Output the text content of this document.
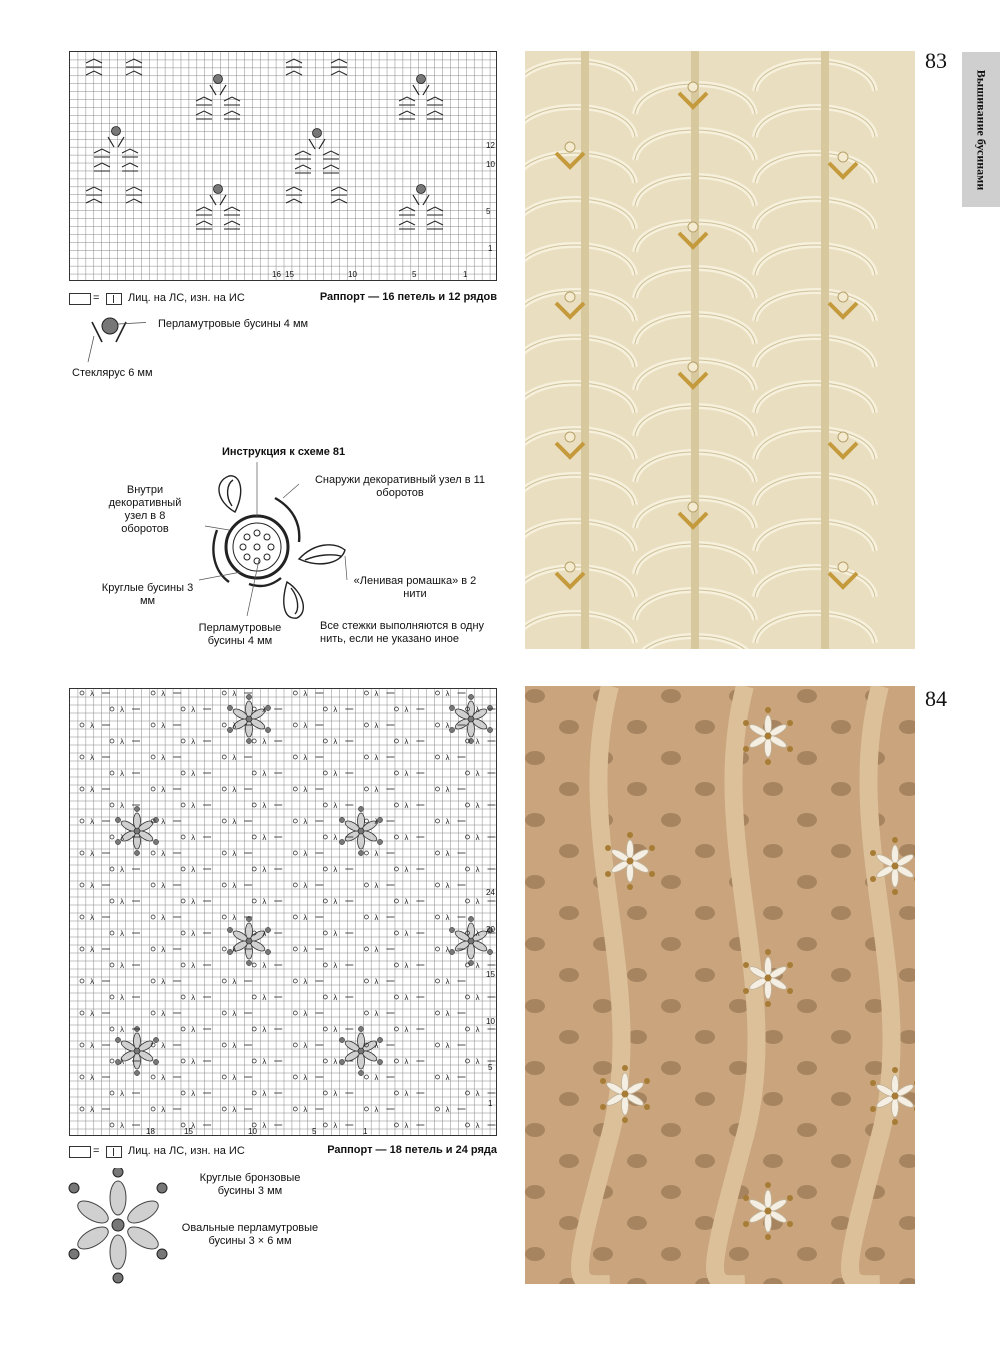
Вышивание бусинами
83
84
12
10
5
1
16 15	10	5	1
=	Лиц. на ЛС, изн. на ИС	Раппорт — 16 петель и 12 рядов
Перламутровые бусины 4 мм
Стеклярус 6 мм
Инструкция к схеме 81
Внутри декоративный узел в 8 оборотов
Снаружи декоративный узел в 11 оборотов
Круглые бусины 3 мм
«Ленивая ромашка» в 2 нити
Перламутровые бусины 4 мм
Все стежки выполняются в одну нить, если не указано иное
λ	λ	λ	λ	λ	λ
λ	λ	λ	λ	λ	λ
λ	λ	λ	λ	λ	λ
λ	λ	λ	λ	λ	λ
λ	λ	λ	λ	λ	λ
λ	λ	λ	λ	λ	λ
λ	λ	λ	λ	λ	λ
λ	λ	λ	λ	λ	λ
λ	λ	λ	λ	λ	λ
λ	λ	λ	λ	λ	λ
λ	λ	λ	λ	λ	λ
λ	λ	λ	λ	λ	λ
λ	λ	λ	λ	λ	λ
λ	λ	λ	λ	λ	λ
λ	λ	λ	λ	λ	λ
λ	λ	λ	λ	λ	λ
λ	λ	λ	λ	λ	λ
λ	λ	λ	λ	λ	λ
λ	λ	λ	λ	λ	λ
λ	λ	λ	λ	λ	λ
λ	λ	λ	λ	λ	λ
λ	λ	λ	λ	λ	λ
λ	λ	λ	λ	λ	λ
λ	λ	λ	λ	λ	λ
λ	λ	λ	λ	λ	λ
λ	λ	λ	λ	λ	λ
λ	λ	λ	λ	λ	λ
λ	λ	λ	λ	λ	λ
24
20
15
10
5
1
18	15	10	5	1
=	Лиц. на ЛС, изн. на ИС	Раппорт — 18 петель и 24 ряда
Круглые бронзовые бусины 3 мм
Овальные перламутровые бусины 3 × 6 мм
